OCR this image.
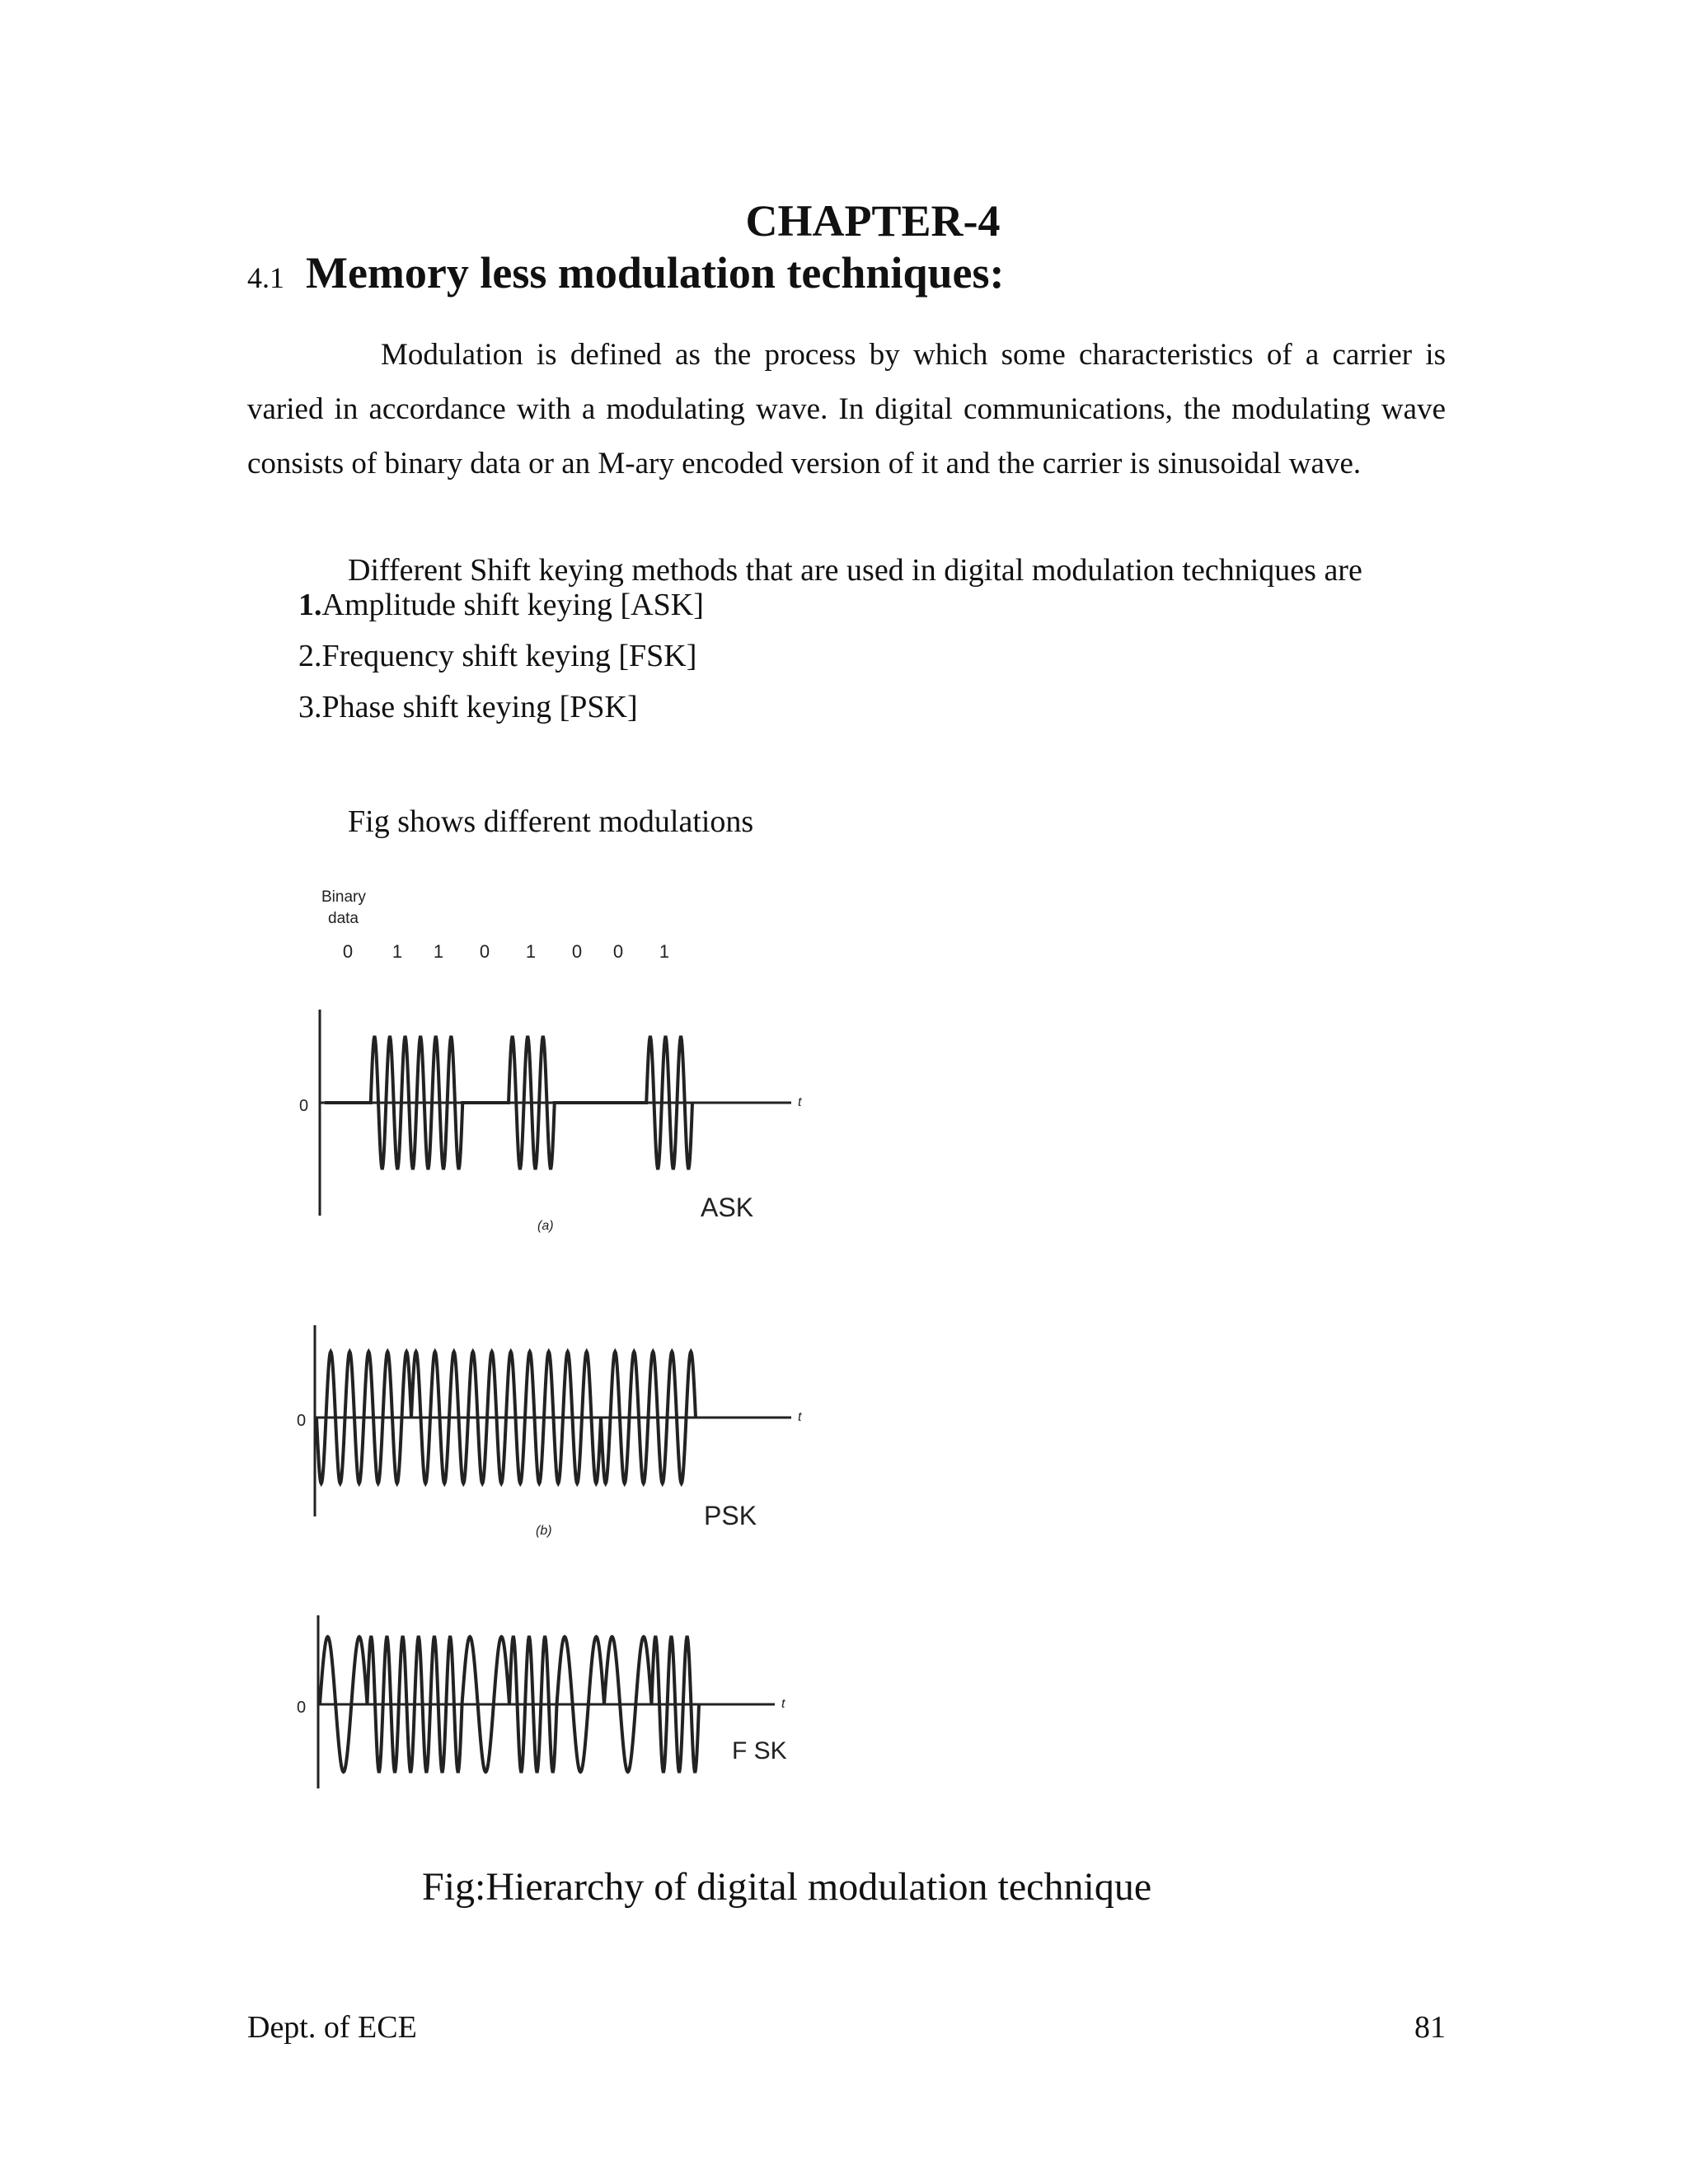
CHAPTER-4
4.1 Memory less modulation techniques:

Modulation is defined as the process by which some characteristics of a carrier is varied in accordance with a modulating wave. In digital communications, the modulating wave consists of binary data or an M-ary encoded version of it and the carrier is sinusoidal wave.

Different Shift keying methods that are used in digital modulation techniques are
1.Amplitude shift keying [ASK]
2.Frequency shift keying [FSK]
3.Phase shift keying [PSK]
Fig shows different modulations
Binary
data
0 1 1 0 1 0 0 1
0	t
ASK
(a)
0	t
PSK
(b)
0	t
F SK
Fig:Hierarchy of digital modulation technique
Dept. of ECE	81
